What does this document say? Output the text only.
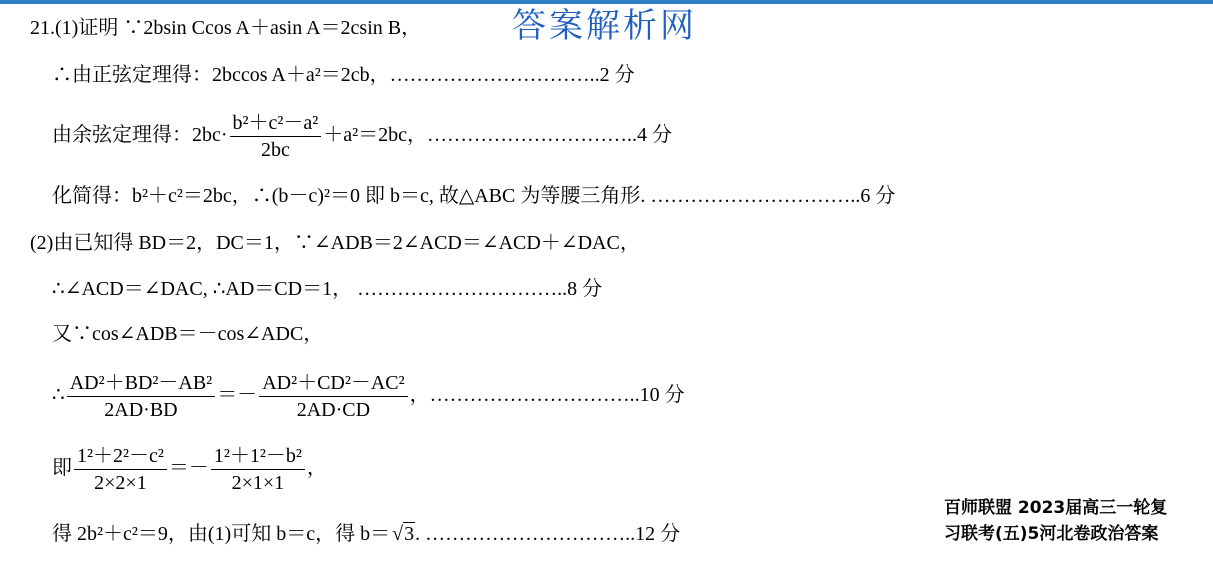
答案解析网
21.(1)证明 ∵2bsin Ccos A＋asin A＝2csin B，
∴由正弦定理得：2bccos A＋a²＝2cb，…………………………..2 分
由余弦定理得：$2bc\cdot \frac{\text{b²＋c²－a²}}{2bc} +a^2=2bc$，…………………………..4 分
化简得：b²＋c²＝2bc，∴(b－c)²＝0 即 b＝c, 故△ABC 为等腰三角形. …………………………..6 分
(2)由已知得 BD＝2，DC＝1，∵∠ADB＝2∠ACD＝∠ACD＋∠DAC，
∴∠ACD＝∠DAC, ∴AD＝CD＝1， …………………………..8 分
又∵cos∠ADB＝－cos∠ADC，
∴ $\frac{\text{AD²＋BD²－AB²}}{2AD\cdot BD} =- \frac{\text{AD²＋CD²－AC²}}{2AD\cdot CD}$ ，…………………………..10 分
即 $\frac{\text{1²＋2²－c²}}{2\times 2\times 1} =- \frac{\text{1²＋1²－b²}}{2\times 1\times 1}$ ，
得 2b²＋c²＝9，由(1)可知 b＝c，得 b＝ √3. …………………………..12 分
百师联盟 2023届高三一轮复
习联考(五)5河北卷政治答案
